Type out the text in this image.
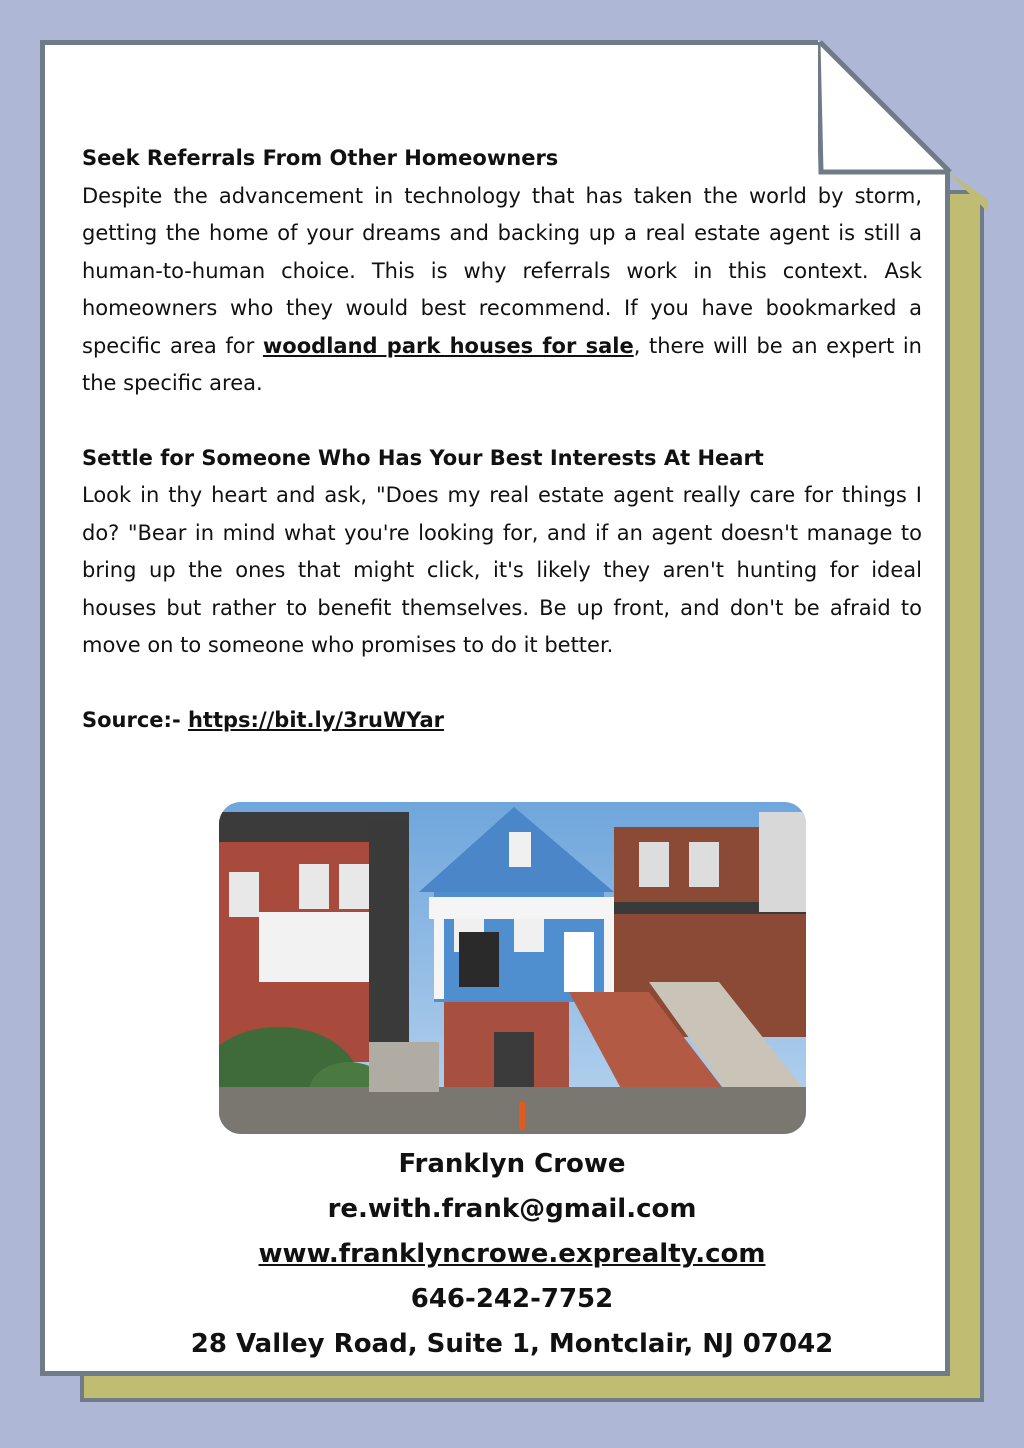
Seek Referrals From Other Homeowners

Despite the advancement in technology that has taken the world by storm, getting the home of your dreams and backing up a real estate agent is still a human-to-human choice. This is why referrals work in this context. Ask homeowners who they would best recommend. If you have bookmarked a specific area for woodland park houses for sale, there will be an expert in the specific area.

Settle for Someone Who Has Your Best Interests At Heart

Look in thy heart and ask, "Does my real estate agent really care for things I do? "Bear in mind what you're looking for, and if an agent doesn't manage to bring up the ones that might click, it's likely they aren't hunting for ideal houses but rather to benefit themselves. Be up front, and don't be afraid to move on to someone who promises to do it better.

Source:- https://bit.ly/3ruWYar
Franklyn Crowe
re.with.frank@gmail.com
www.franklyncrowe.exprealty.com
646-242-7752
28 Valley Road, Suite 1, Montclair, NJ 07042
